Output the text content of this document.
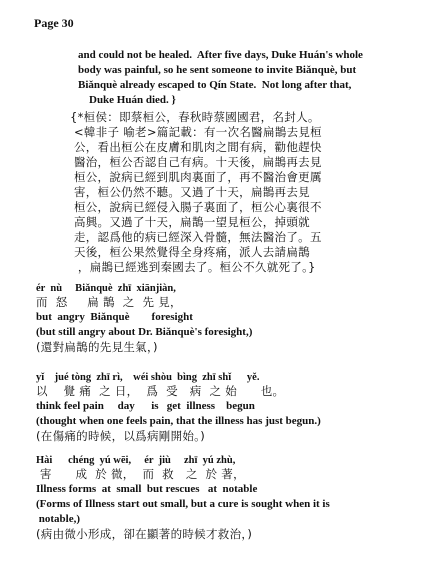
Page 30
and could not be healed.  After five days, Duke Huán's whole
body was painful, so he sent someone to invite Biǎnquè, but
Biǎnquè already escaped to Qín State.  Not long after that,
Duke Huán died. }
{*桓侯：即蔡桓公，春秋時蔡國國君，名封人。
<韓非子 喻老>篇記載：有一次名醫扁鵲去見桓
公，看出桓公在皮膚和肌肉之間有病，勸他趕快
醫治，桓公否認自己有病。十天後，扁鵲再去見
桓公，說病已經到肌肉裏面了，再不醫治會更厲
害，桓公仍然不聽。又過了十天，扁鵲再去見
桓公，說病已經侵入腸子裏面了，桓公心裏很不
高興。又過了十天，扁鵲一望見桓公，掉頭就
走，認爲他的病已經深入骨髓，無法醫治了。五
天後，桓公果然覺得全身疼痛，派人去請扁鵲
，扁鵲已經逃到秦國去了。桓公不久就死了。}
ér  nù     Biǎnquè  zhī  xiānjiàn,
而  怒     扁 鵲  之  先 見，
but  angry  Biǎnquè        foresight
(but still angry about Dr. Biǎnquè's foresight,)
(還對扁鵲的先見生氣，)
yǐ    jué tòng  zhī rì,    wéi shòu  bìng  zhī shǐ      yě.
以    覺 痛  之 日，  爲  受   病  之 始      也。
think feel pain     day      is   get  illness    begun
(thought when one feels pain, that the illness has just begun.)
(在傷痛的時候，以爲病剛開始。)
Hài      chéng  yú wēi,     ér  jiù     zhī  yú zhù,
害      成  於 微，  而  救   之  於 著，
Illness forms  at  small  but rescues   at  notable
(Forms of Illness start out small, but a cure is sought when it is
notable,)
(病由微小形成，卻在顯著的時候才救治，)
